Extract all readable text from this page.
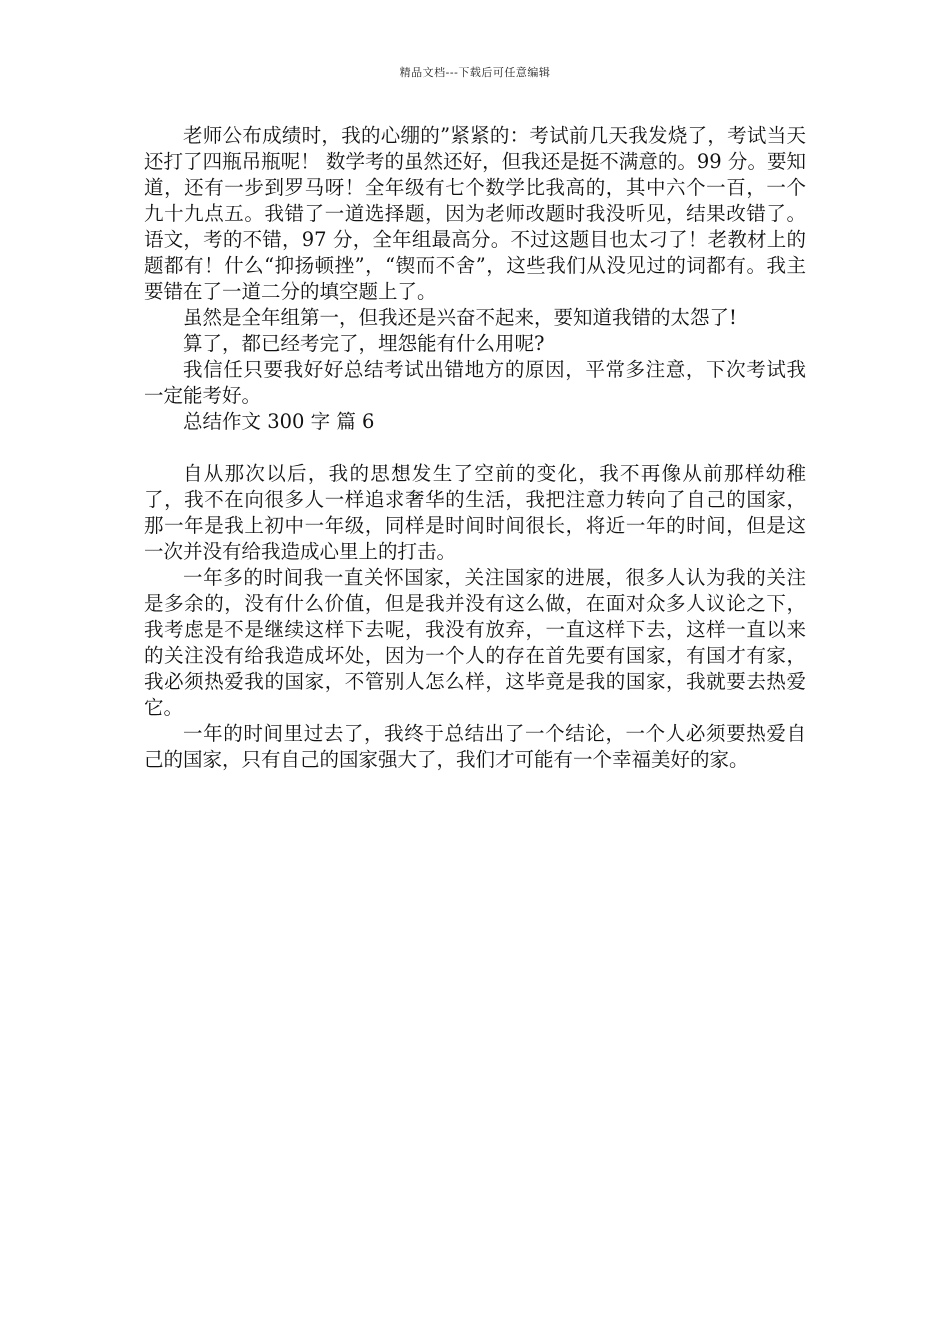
精品文档---下载后可任意编辑

老师公布成绩时，我的心绷的”紧紧的：考试前几天我发烧了，考试当天还打了四瓶吊瓶呢！ 数学考的虽然还好，但我还是挺不满意的。99 分。要知道，还有一步到罗马呀！全年级有七个数学比我高的，其中六个一百，一个九十九点五。我错了一道选择题，因为老师改题时我没听见，结果改错了。语文，考的不错，97 分，全年组最高分。不过这题目也太刁了！老教材上的题都有！什么“抑扬顿挫”，“锲而不舍”，这些我们从没见过的词都有。我主要错在了一道二分的填空题上了。

虽然是全年组第一，但我还是兴奋不起来，要知道我错的太怨了!

算了，都已经考完了，埋怨能有什么用呢?

我信任只要我好好总结考试出错地方的原因，平常多注意，下次考试我一定能考好。

总结作文 300 字 篇 6

自从那次以后，我的思想发生了空前的变化，我不再像从前那样幼稚了，我不在向很多人一样追求奢华的生活，我把注意力转向了自己的国家，那一年是我上初中一年级，同样是时间时间很长，将近一年的时间，但是这一次并没有给我造成心里上的打击。

一年多的时间我一直关怀国家，关注国家的进展，很多人认为我的关注是多余的，没有什么价值，但是我并没有这么做，在面对众多人议论之下，我考虑是不是继续这样下去呢，我没有放弃，一直这样下去，这样一直以来的关注没有给我造成坏处，因为一个人的存在首先要有国家，有国才有家，我必须热爱我的国家，不管别人怎么样，这毕竟是我的国家，我就要去热爱它。

一年的时间里过去了，我终于总结出了一个结论，一个人必须要热爱自己的国家，只有自己的国家强大了，我们才可能有一个幸福美好的家。
